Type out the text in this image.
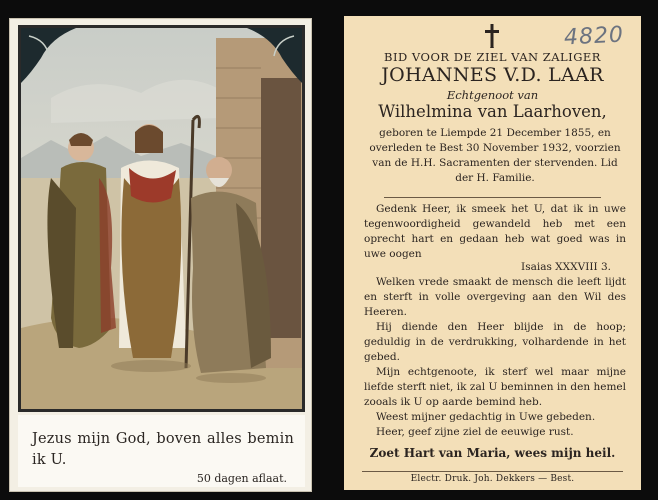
Jezus mijn God, boven alles bemin ik U.
50 dagen aflaat.
4820
BID VOOR DE ZIEL VAN ZALIGER
JOHANNES V.D. LAAR
Echtgenoot van
Wilhelmina van Laarhoven,
geboren te Liempde 21 December 1855, en overleden te Best 30 November 1932, voorzien van de H.H. Sacramenten der stervenden. Lid der H. Familie.
Gedenk Heer, ik smeek het U, dat ik in uwe tegenwoordigheid gewandeld heb met een oprecht hart en gedaan heb wat goed was in uwe oogen
Isaias XXXVIII 3.
Welken vrede smaakt de mensch die leeft lijdt en sterft in volle overgeving aan den Wil des Heeren.
Hij diende den Heer blijde in de hoop; geduldig in de verdrukking, volhardende in het gebed.
Mijn echtgenoote, ik sterf wel maar mijne liefde sterft niet, ik zal U beminnen in den hemel zooals ik U op aarde bemind heb.
Weest mijner gedachtig in Uwe gebeden.
Heer, geef zijne ziel de eeuwige rust.
Zoet Hart van Maria, wees mijn heil.
Electr. Druk. Joh. Dekkers — Best.
